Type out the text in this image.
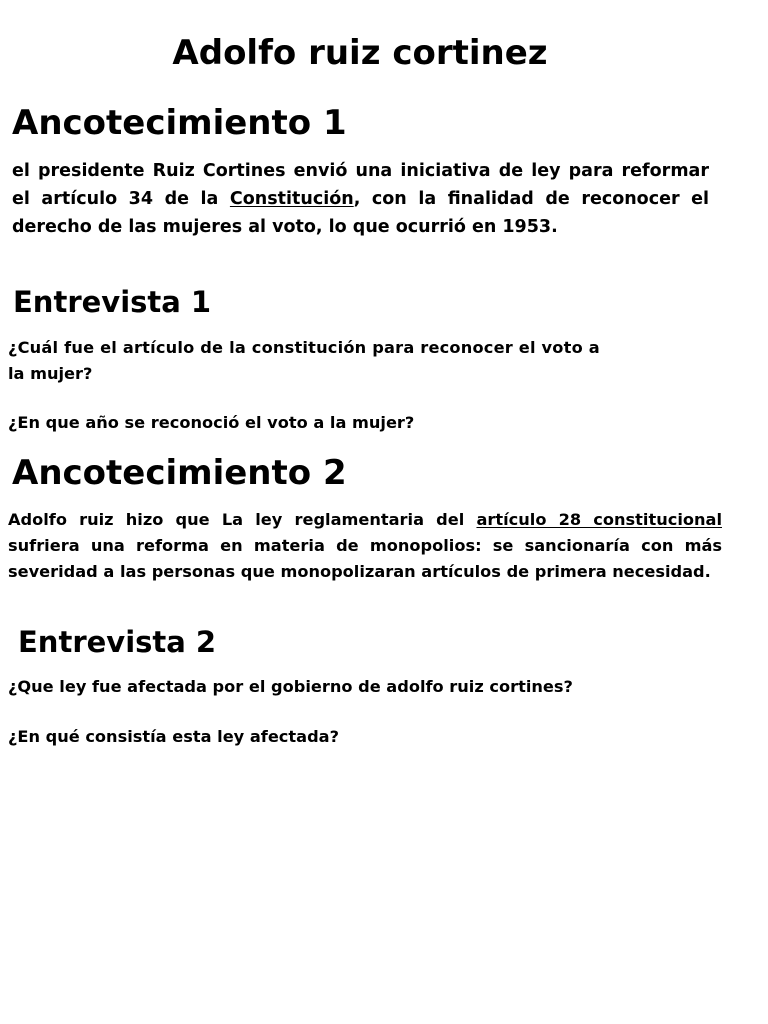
Adolfo ruiz cortinez
Ancotecimiento 1

el presidente Ruiz Cortines envió una iniciativa de ley para reformar el artículo 34 de la Constitución, con la finalidad de reconocer el derecho de las mujeres al voto, lo que ocurrió en 1953.

Entrevista 1
¿Cuál fue el artículo de la constitución para reconocer el voto a
la mujer?
¿En que año se reconoció el voto a la mujer?
Ancotecimiento 2

Adolfo ruiz hizo que La ley reglamentaria del artículo 28 constitucional sufriera una reforma en materia de monopolios: se sancionaría con más severidad a las personas que monopolizaran artículos de primera necesidad.

Entrevista 2
¿Que ley fue afectada por el gobierno de adolfo ruiz cortines?
¿En qué consistía esta ley afectada?
